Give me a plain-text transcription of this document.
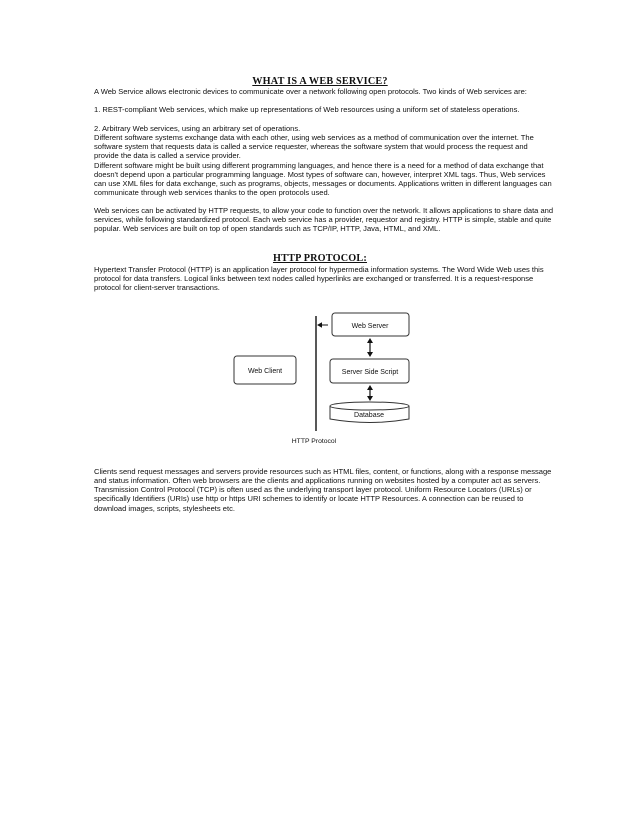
WHAT IS A WEB SERVICE?

A Web Service allows electronic devices to communicate over a network following open protocols. Two kinds of Web services are:

1. REST-compliant Web services, which make up representations of Web resources using a uniform set of stateless operations.

2. Arbitrary Web services, using an arbitrary set of operations.

Different software systems exchange data with each other, using web services as a method of communication over the internet. The software system that requests data is called a service requester, whereas the software system that would process the request and provide the data is called a service provider.

Different software might be built using different programming languages, and hence there is a need for a method of data exchange that doesn't depend upon a particular programming language. Most types of software can, however, interpret XML tags. Thus, Web services can use XML files for data exchange, such as programs, objects, messages or documents. Applications written in different languages can communicate through web services thanks to the open protocols used.

Web services can be activated by HTTP requests, to allow your code to function over the network. It allows applications to share data and services, while following standardized protocol. Each web service has a provider, requestor and registry. HTTP is simple, stable and quite popular. Web services are built on top of open standards such as TCP/IP, HTTP, Java, HTML, and XML.

HTTP PROTOCOL:

Hypertext Transfer Protocol (HTTP) is an application layer protocol for hypermedia information systems. The Word Wide Web uses this protocol for data transfers. Logical links between text nodes called hyperlinks are exchanged or transferred. It is a request-response protocol for client-server transactions.

Web Client
Web Server
Server Side Script
Database
HTTP Protocol

Clients send request messages and servers provide resources such as HTML files, content, or functions, along with a response message and status information. Often web browsers are the clients and applications running on websites hosted by a computer act as servers. Transmission Control Protocol (TCP) is often used as the underlying transport layer protocol. Uniform Resource Locators (URLs) or specifically Identifiers (URIs) use http or https URI schemes to identify or locate HTTP Resources. A connection can be reused to download images, scripts, stylesheets etc.
